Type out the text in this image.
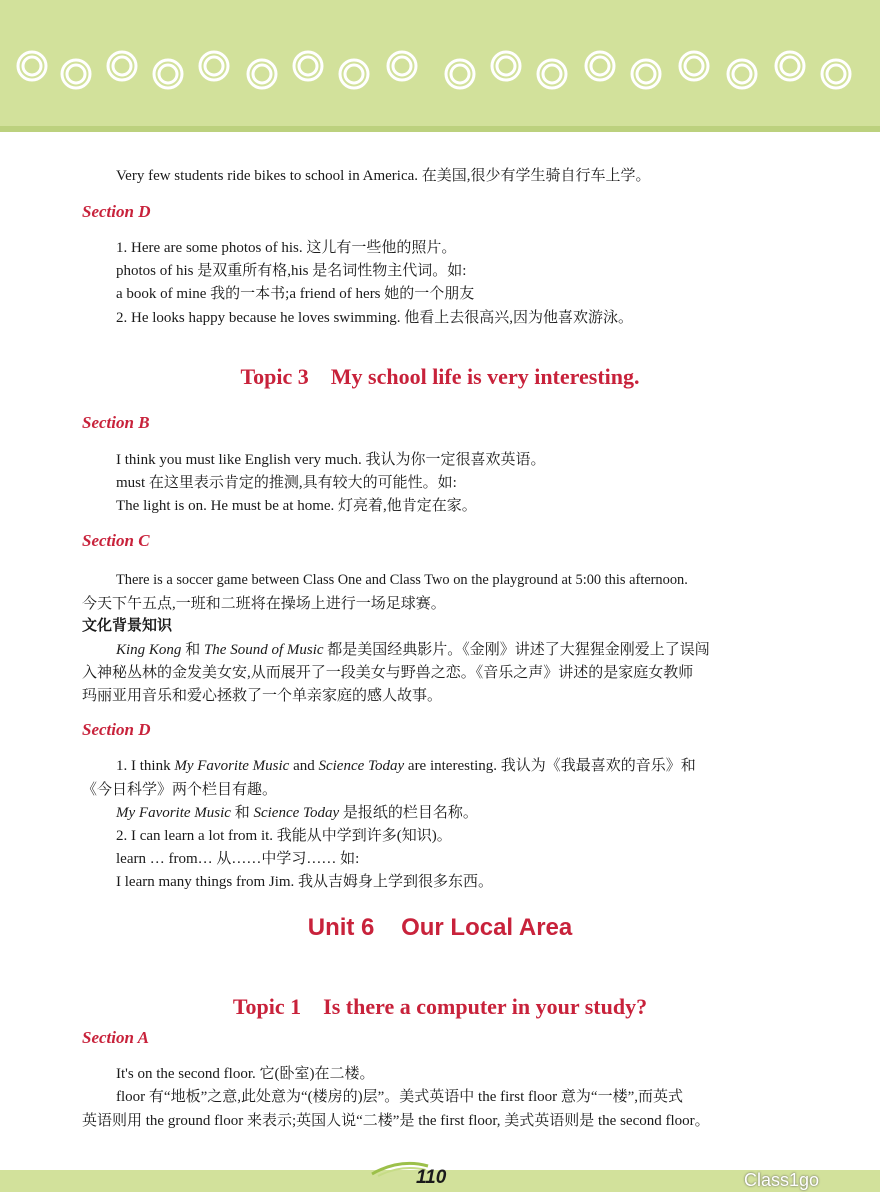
Very few students ride bikes to school in America. 在美国,很少有学生骑自行车上学。
Section D
1. Here are some photos of his. 这儿有一些他的照片。
photos of his 是双重所有格,his 是名词性物主代词。如:
a book of mine 我的一本书;a friend of hers 她的一个朋友
2. He looks happy because he loves swimming. 他看上去很高兴,因为他喜欢游泳。
Topic 3    My school life is very interesting.
Section B
I think you must like English very much. 我认为你一定很喜欢英语。
must 在这里表示肯定的推测,具有较大的可能性。如:
The light is on. He must be at home. 灯亮着,他肯定在家。
Section C
There is a soccer game between Class One and Class Two on the playground at 5:00 this afternoon.
今天下午五点,一班和二班将在操场上进行一场足球赛。
文化背景知识
King Kong 和 The Sound of Music 都是美国经典影片。《金刚》讲述了大猩猩金刚爱上了误闯
入神秘丛林的金发美女安,从而展开了一段美女与野兽之恋。《音乐之声》讲述的是家庭女教师
玛丽亚用音乐和爱心拯救了一个单亲家庭的感人故事。
Section D
1. I think My Favorite Music and Science Today are interesting. 我认为《我最喜欢的音乐》和
《今日科学》两个栏目有趣。
My Favorite Music 和 Science Today 是报纸的栏目名称。
2. I can learn a lot from it. 我能从中学到许多(知识)。
learn … from… 从……中学习…… 如:
I learn many things from Jim. 我从吉姆身上学到很多东西。
Unit 6    Our Local Area
Topic 1    Is there a computer in your study?
Section A
It's on the second floor. 它(卧室)在二楼。
floor 有“地板”之意,此处意为“(楼房的)层”。美式英语中 the first floor 意为“一楼”,而英式
英语则用 the ground floor 来表示;英国人说“二楼”是 the first floor, 美式英语则是 the second floor。
110	Class1go
